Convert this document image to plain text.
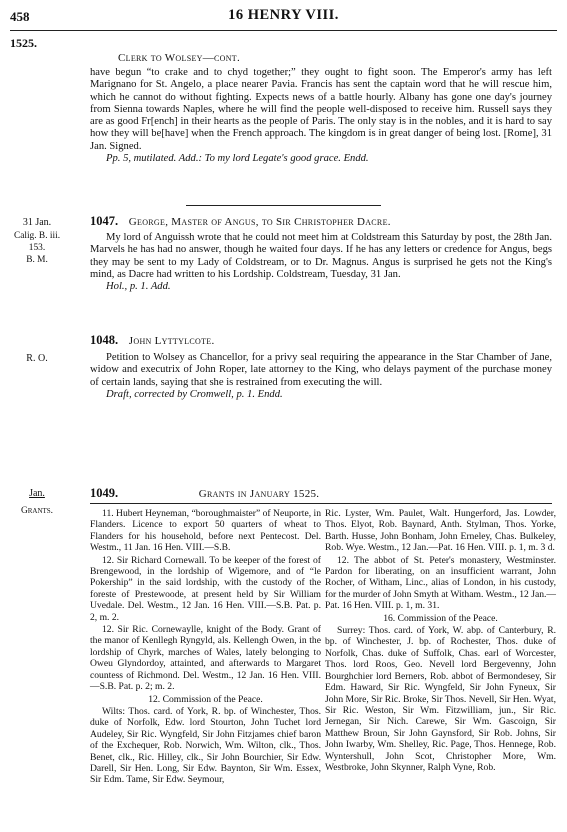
458	16 HENRY VIII.
1525.
Clerk to Wolsey—cont.

have begun “to crake and to chyd together;” they ought to fight soon. The Emperor's army has left Marignano for St. Angelo, a place nearer Pavia. Francis has sent the captain word that he will rescue him, which he cannot do without fighting. Expects news of a battle hourly. Albany has gone one day's journey from Sienna towards Naples, where he will find the people well-disposed to receive him. Russell says they are as good Fr[ench] in their hearts as the people of Paris. The only stay is in the nobles, and it is hard to say how they will be[have] when the French approach. The kingdom is in great danger of being lost. [Rome], 31 Jan. Signed.

Pp. 5, mutilated. Add.: To my lord Legate's good grace. Endd.

31 Jan.
Calig. B. iii.
153.
B. M.
1047. George, Master of Angus, to Sir Christopher Dacre.

My lord of Anguissh wrote that he could not meet him at Coldstream this Saturday by post, the 28th Jan. Marvels he has had no answer, though he waited four days. If he has any letters or credence for Angus, begs they may be sent to my Lady of Coldstream, or to Dr. Magnus. Angus is surprised he gets not the King's mind, as Dacre had written to his Lordship. Coldstream, Tuesday, 31 Jan.

Hol., p. 1. Add.

1048. John Lyttylcote.
R. O.	Petition to Wolsey as Chancellor, for a privy seal requiring the appearance in the Star Chamber of Jane, widow and executrix of John Roper, late attorney to the King, who delays payment of the purchase money of certain lands, saying that she is restrained from executing the will.

Draft, corrected by Cromwell, p. 1. Endd.

Jan.
Grants.
1049.	Grants in January 1525.

11. Hubert Heyneman, “boroughmaister” of Neuporte, in Flanders. Licence to export 50 quarters of wheat to Flanders for his household, before next Pentecost. Del. Westm., 11 Jan. 16 Hen. VIII.—S.B.

12. Sir Richard Cornewall. To be keeper of the forest of Brengewood, in the lordship of Wigemore, and of “le Pokership” in the said lordship, with the custody of the foreste of Prestewoode, at present held by Sir William Uvedale. Del. Westm., 12 Jan. 16 Hen. VIII.—S.B. Pat. p. 2, m. 2.

12. Sir Ric. Cornewaylle, knight of the Body. Grant of the manor of Kenllegh Ryngyld, als. Kellengh Owen, in the lordship of Chyrk, marches of Wales, lately belonging to Oweu Glyndordoy, attainted, and afterwards to Margaret countess of Richmond. Del. Westm., 12 Jan. 16 Hen. VIII.—S.B. Pat. p. 2; m. 2.

12. Commission of the Peace.

Wilts: Thos. card. of York, R. bp. of Winchester, Thos. duke of Norfolk, Edw. lord Stourton, John Tuchet lord Audeley, Sir Ric. Wyngfeld, Sir John Fitzjames chief baron of the Exchequer, Rob. Norwich, Wm. Wilton, clk., Thos. Benet, clk., Ric. Hilley, clk., Sir John Bourchier, Sir Edw. Darell, Sir Hen. Long, Sir Edw. Baynton, Sir Wm. Essex, Sir Edm. Tame, Sir Edw. Seymour,

Ric. Lyster, Wm. Paulet, Walt. Hungerford, Jas. Lowder, Thos. Elyot, Rob. Baynard, Anth. Stylman, Thos. Yorke, Barth. Husse, John Bonham, John Erneley, Chas. Bulkeley, Rob. Wye. Westm., 12 Jan.—Pat. 16 Hen. VIII. p. 1, m. 3 d.

12. The abbot of St. Peter's monastery, Westminster. Pardon for liberating, on an insufficient warrant, John Rocher, of Witham, Linc., alias of London, in his custody, for the murder of John Smyth at Witham. Westm., 12 Jan.—Pat. 16 Hen. VIII. p. 1, m. 31.

16. Commission of the Peace.

Surrey: Thos. card. of York, W. abp. of Canterbury, R. bp. of Winchester, J. bp. of Rochester, Thos. duke of Norfolk, Chas. duke of Suffolk, Chas. earl of Worcester, Thos. lord Roos, Geo. Nevell lord Bergevenny, John Bourghchier lord Berners, Rob. abbot of Bermondesey, Sir Edm. Haward, Sir Ric. Wyngfeld, Sir John Fyneux, Sir John More, Sir Ric. Broke, Sir Thos. Nevell, Sir Hen. Wyat, Sir Ric. Weston, Sir Wm. Fitzwilliam, jun., Sir Ric. Jernegan, Sir Nich. Carewe, Sir Wm. Gascoign, Sir Matthew Broun, Sir John Gaynsford, Sir Rob. Johns, Sir John Iwarby, Wm. Shelley, Ric. Page, Thos. Hennege, Rob. Wyntershull, John Scot, Christopher More, Wm. Westbroke, John Skynner, Ralph Vyne, Rob.
